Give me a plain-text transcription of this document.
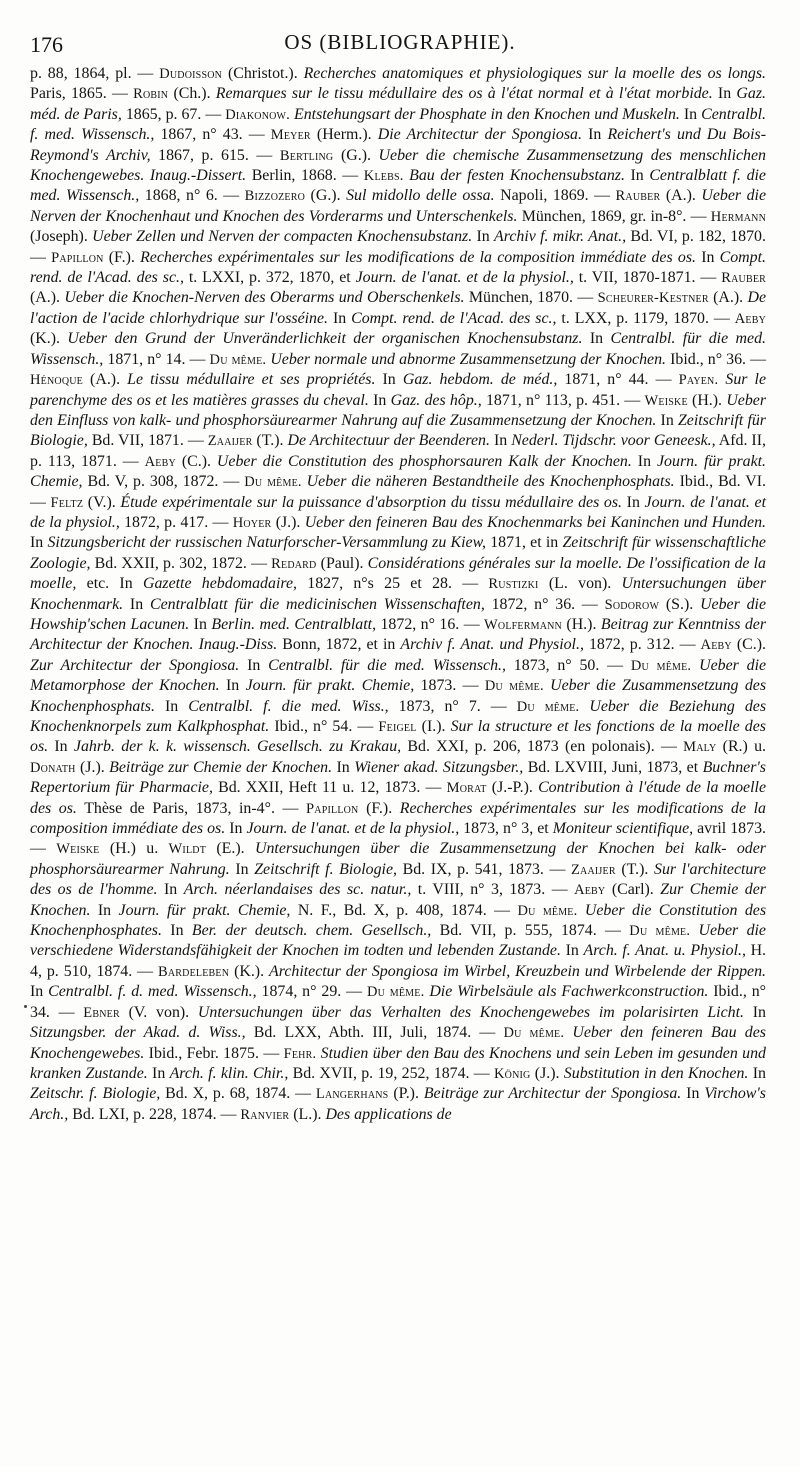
176	OS (BIBLIOGRAPHIE).
p. 88, 1864, pl. — Dudoisson (Christot.). Recherches anatomiques et physiologiques sur la moelle des os longs. Paris, 1865. — Robin (Ch.). Remarques sur le tissu médullaire des os à l'état normal et à l'état morbide. In Gaz. méd. de Paris, 1865, p. 67. — Diakonow. Entstehungsart der Phosphate in den Knochen und Muskeln. In Centralbl. f. med. Wissensch., 1867, n° 43. — Meyer (Herm.). Die Architectur der Spongiosa. In Reichert's und Du Bois-Reymond's Archiv, 1867, p. 615. — Bertling (G.). Ueber die chemische Zusammensetzung des menschlichen Knochengewebes. Inaug.-Dissert. Berlin, 1868. — Klebs. Bau der festen Knochensubstanz. In Centralblatt f. die med. Wissensch., 1868, n° 6. — Bizzozero (G.). Sul midollo delle ossa. Napoli, 1869. — Rauber (A.). Ueber die Nerven der Knochenhaut und Knochen des Vorderarms und Unterschenkels. München, 1869, gr. in-8°. — Hermann (Joseph). Ueber Zellen und Nerven der compacten Knochensubstanz. In Archiv f. mikr. Anat., Bd. VI, p. 182, 1870. — Papillon (F.). Recherches expérimentales sur les modifications de la composition immédiate des os. In Compt. rend. de l'Acad. des sc., t. LXXI, p. 372, 1870, et Journ. de l'anat. et de la physiol., t. VII, 1870-1871. — Rauber (A.). Ueber die Knochen-Nerven des Oberarms und Oberschenkels. München, 1870. — Scheurer-Kestner (A.). De l'action de l'acide chlorhydrique sur l'osséine. In Compt. rend. de l'Acad. des sc., t. LXX, p. 1179, 1870. — Aeby (K.). Ueber den Grund der Unveränderlichkeit der organischen Knochensubstanz. In Centralbl. für die med. Wissensch., 1871, n° 14. — Du même. Ueber normale und abnorme Zusammensetzung der Knochen. Ibid., n° 36. — Hénoque (A.). Le tissu médullaire et ses propriétés. In Gaz. hebdom. de méd., 1871, n° 44. — Payen. Sur le parenchyme des os et les matières grasses du cheval. In Gaz. des hôp., 1871, n° 113, p. 451. — Weiske (H.). Ueber den Einfluss von kalk- und phosphorsäurearmer Nahrung auf die Zusammensetzung der Knochen. In Zeitschrift für Biologie, Bd. VII, 1871. — Zaaijer (T.). De Architectuur der Beenderen. In Nederl. Tijdschr. voor Geneesk., Afd. II, p. 113, 1871. — Aeby (C.). Ueber die Constitution des phosphorsauren Kalk der Knochen. In Journ. für prakt. Chemie, Bd. V, p. 308, 1872. — Du même. Ueber die näheren Bestandtheile des Knochenphosphats. Ibid., Bd. VI. — Feltz (V.). Étude expérimentale sur la puissance d'absorption du tissu médullaire des os. In Journ. de l'anat. et de la physiol., 1872, p. 417. — Hoyer (J.). Ueber den feineren Bau des Knochenmarks bei Kaninchen und Hunden. In Sitzungsbericht der russischen Naturforscher-Versammlung zu Kiew, 1871, et in Zeitschrift für wissenschaftliche Zoologie, Bd. XXII, p. 302, 1872. — Redard (Paul). Considérations générales sur la moelle. De l'ossification de la moelle, etc. In Gazette hebdomadaire, 1827, n°s 25 et 28. — Rustizki (L. von). Untersuchungen über Knochenmark. In Centralblatt für die medicinischen Wissenschaften, 1872, n° 36. — Sodorow (S.). Ueber die Howship'schen Lacunen. In Berlin. med. Centralblatt, 1872, n° 16. — Wolfermann (H.). Beitrag zur Kenntniss der Architectur der Knochen. Inaug.-Diss. Bonn, 1872, et in Archiv f. Anat. und Physiol., 1872, p. 312. — Aeby (C.). Zur Architectur der Spongiosa. In Centralbl. für die med. Wissensch., 1873, n° 50. — Du même. Ueber die Metamorphose der Knochen. In Journ. für prakt. Chemie, 1873. — Du même. Ueber die Zusammensetzung des Knochenphosphats. In Centralbl. f. die med. Wiss., 1873, n° 7. — Du même. Ueber die Beziehung des Knochenknorpels zum Kalkphosphat. Ibid., n° 54. — Feigel (I.). Sur la structure et les fonctions de la moelle des os. In Jahrb. der k. k. wissensch. Gesellsch. zu Krakau, Bd. XXI, p. 206, 1873 (en polonais). — Maly (R.) u. Donath (J.). Beiträge zur Chemie der Knochen. In Wiener akad. Sitzungsber., Bd. LXVIII, Juni, 1873, et Buchner's Repertorium für Pharmacie, Bd. XXII, Heft 11 u. 12, 1873. — Morat (J.-P.). Contribution à l'étude de la moelle des os. Thèse de Paris, 1873, in-4°. — Papillon (F.). Recherches expérimentales sur les modifications de la composition immédiate des os. In Journ. de l'anat. et de la physiol., 1873, n° 3, et Moniteur scientifique, avril 1873. — Weiske (H.) u. Wildt (E.). Untersuchungen über die Zusammensetzung der Knochen bei kalk- oder phosphorsäurearmer Nahrung. In Zeitschrift f. Biologie, Bd. IX, p. 541, 1873. — Zaaijer (T.). Sur l'architecture des os de l'homme. In Arch. néerlandaises des sc. natur., t. VIII, n° 3, 1873. — Aeby (Carl). Zur Chemie der Knochen. In Journ. für prakt. Chemie, N. F., Bd. X, p. 408, 1874. — Du même. Ueber die Constitution des Knochenphosphates. In Ber. der deutsch. chem. Gesellsch., Bd. VII, p. 555, 1874. — Du même. Ueber die verschiedene Widerstandsfähigkeit der Knochen im todten und lebenden Zustande. In Arch. f. Anat. u. Physiol., H. 4, p. 510, 1874. — Bardeleben (K.). Architectur der Spongiosa im Wirbel, Kreuzbein und Wirbelende der Rippen. In Centralbl. f. d. med. Wissensch., 1874, n° 29. — Du même. Die Wirbelsäule als Fachwerkconstruction. Ibid., n° 34. — Ebner (V. von). Untersuchungen über das Verhalten des Knochengewebes im polarisirten Licht. In Sitzungsber. der Akad. d. Wiss., Bd. LXX, Abth. III, Juli, 1874. — Du même. Ueber den feineren Bau des Knochengewebes. Ibid., Febr. 1875. — Fehr. Studien über den Bau des Knochens und sein Leben im gesunden und kranken Zustande. In Arch. f. klin. Chir., Bd. XVII, p. 19, 252, 1874. — König (J.). Substitution in den Knochen. In Zeitschr. f. Biologie, Bd. X, p. 68, 1874. — Langerhans (P.). Beiträge zur Architectur der Spongiosa. In Virchow's Arch., Bd. LXI, p. 228, 1874. — Ranvier (L.). Des applications de
